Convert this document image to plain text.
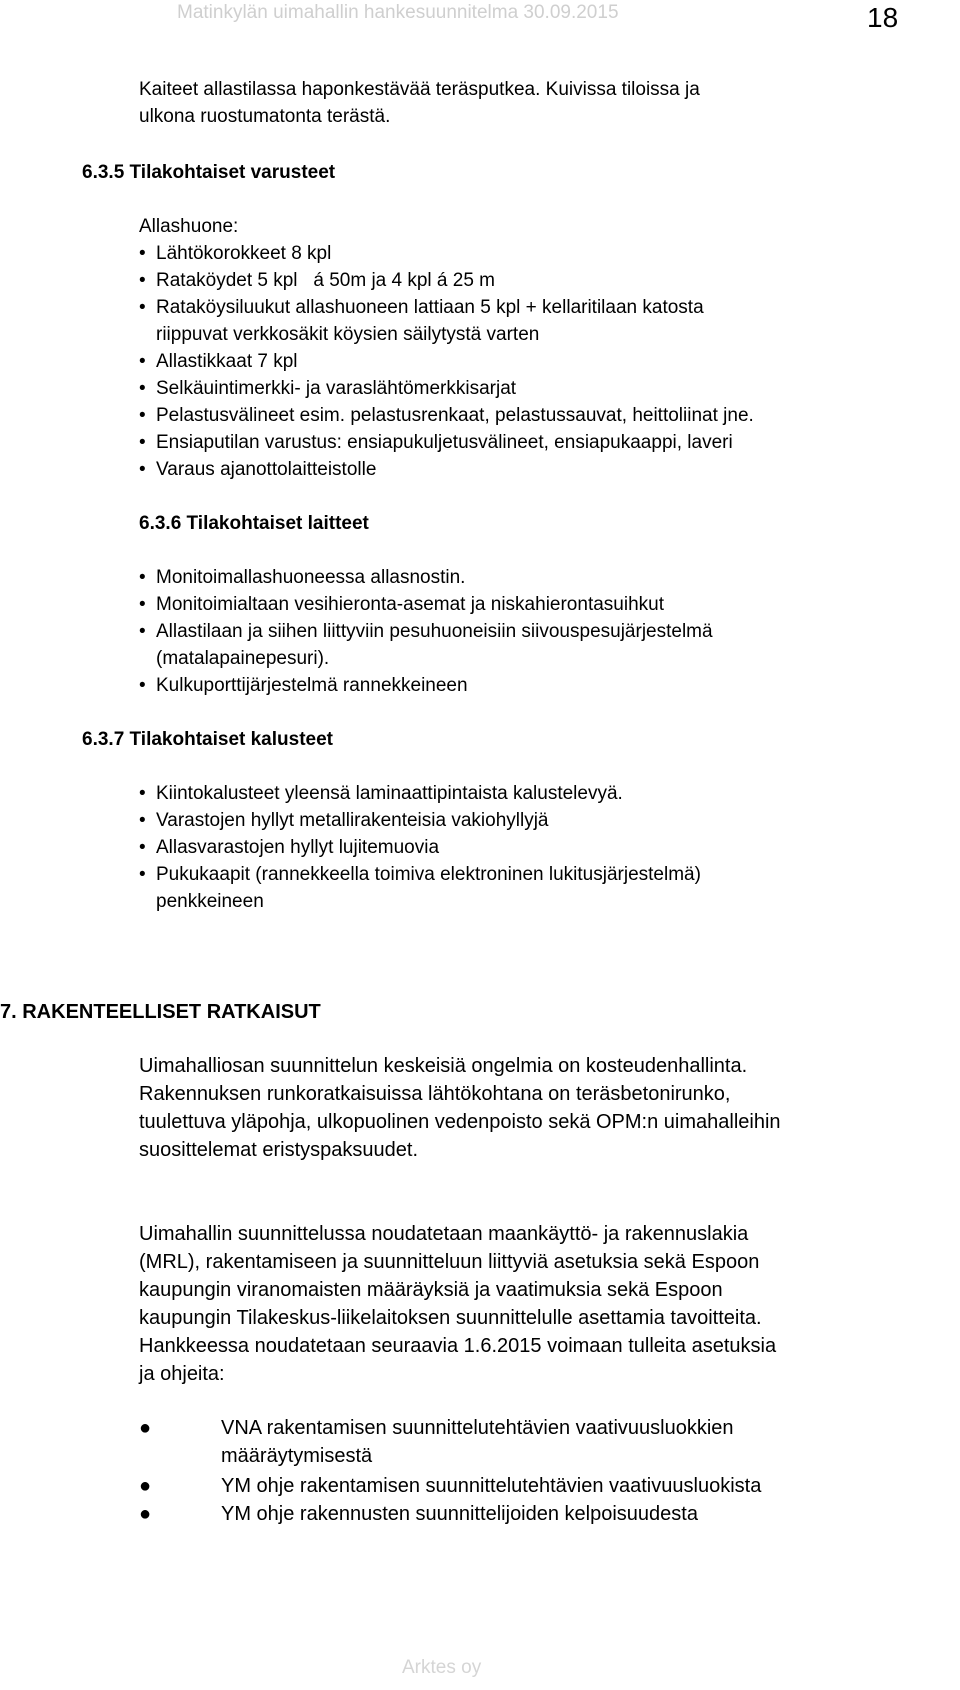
Matinkylän uimahallin hankesuunnitelma 30.09.2015	18
Kaiteet allastilassa haponkestävää teräsputkea. Kuivissa tiloissa ja
ulkona ruostumatonta terästä.
6.3.5 Tilakohtaiset varusteet
Allashuone:
• Lähtökorokkeet 8 kpl
• Rataköydet 5 kpl   á 50m ja 4 kpl á 25 m
• Rataköysiluukut allashuoneen lattiaan 5 kpl + kellaritilaan katosta
riippuvat verkkosäkit köysien säilytystä varten
• Allastikkaat 7 kpl
• Selkäuintimerkki- ja varaslähtömerkkisarjat
• Pelastusvälineet esim. pelastusrenkaat, pelastussauvat, heittoliinat jne.
• Ensiaputilan varustus: ensiapukuljetusvälineet, ensiapukaappi, laveri
• Varaus ajanottolaitteistolle
6.3.6 Tilakohtaiset laitteet
• Monitoimallashuoneessa allasnostin.
• Monitoimialtaan vesihieronta-asemat ja niskahierontasuihkut
• Allastilaan ja siihen liittyviin pesuhuoneisiin siivouspesujärjestelmä
(matalapainepesuri).
• Kulkuporttijärjestelmä rannekkeineen
6.3.7 Tilakohtaiset kalusteet
• Kiintokalusteet yleensä laminaattipintaista kalustelevyä.
• Varastojen hyllyt metallirakenteisia vakiohyllyjä
• Allasvarastojen hyllyt lujitemuovia
• Pukukaapit (rannekkeella toimiva elektroninen lukitusjärjestelmä)
penkkeineen
7. RAKENTEELLISET RATKAISUT
Uimahalliosan suunnittelun keskeisiä ongelmia on kosteudenhallinta.
Rakennuksen runkoratkaisuissa lähtökohtana on teräsbetonirunko,
tuulettuva yläpohja, ulkopuolinen vedenpoisto sekä OPM:n uimahalleihin
suosittelemat eristyspaksuudet.
Uimahallin suunnittelussa noudatetaan maankäyttö- ja rakennuslakia
(MRL), rakentamiseen ja suunnitteluun liittyviä asetuksia sekä Espoon
kaupungin viranomaisten määräyksiä ja vaatimuksia sekä Espoon
kaupungin Tilakeskus-liikelaitoksen suunnittelulle asettamia tavoitteita.
Hankkeessa noudatetaan seuraavia 1.6.2015 voimaan tulleita asetuksia
ja ohjeita:
●	VNA rakentamisen suunnittelutehtävien vaativuusluokkien
määräytymisestä
●	YM ohje rakentamisen suunnittelutehtävien vaativuusluokista
●	YM ohje rakennusten suunnittelijoiden kelpoisuudesta
Arktes oy
